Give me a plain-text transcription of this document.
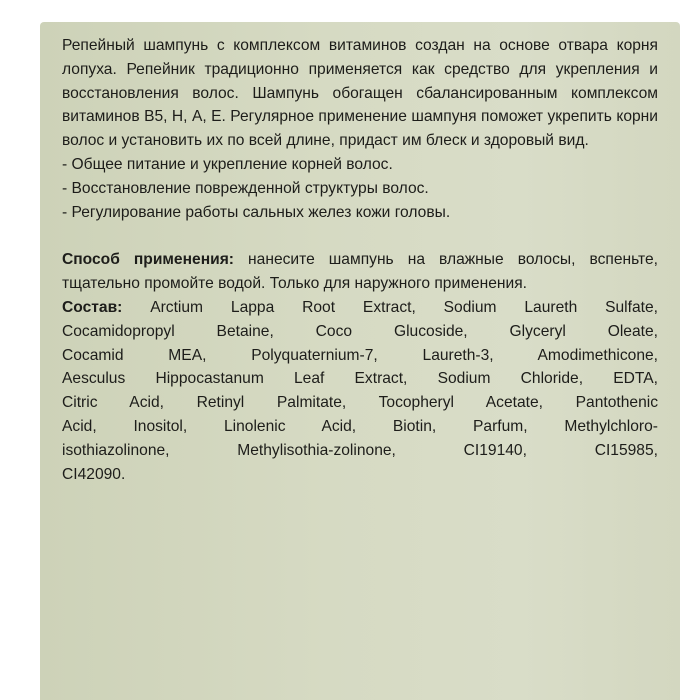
Репейный шампунь с комплексом витаминов создан на основе отвара корня лопуха. Репейник традиционно применяется как средство для укрепления и восстановления волос. Шампунь обогащен сбалансированным комплексом витаминов В5, Н, А, Е. Регулярное применение шампуня поможет укрепить корни волос и установить их по всей длине, придаст им блеск и здоровый вид.

- Общее питание и укрепление корней волос.

- Восстановление поврежденной структуры волос.

- Регулирование работы сальных желез кожи головы.

Способ применения: нанесите шампунь на влажные волосы, вспеньте, тщательно промойте водой. Только для наружного применения.

Состав: Arctium Lappa Root Extract, Sodium Laureth Sulfate,

Cocamidopropyl Betaine, Coco Glucoside, Glyceryl Oleate,

Cocamid MEA, Polyquaternium-7, Laureth-3, Amodimethicone,

Aesculus Hippocastanum Leaf Extract, Sodium Chloride, EDTA,

Citric Acid, Retinyl Palmitate, Tocopheryl Acetate, Pantothenic

Acid, Inositol, Linolenic Acid, Biotin, Parfum, Methylchloro-

isothiazolinone, Methylisothia-zolinone, CI19140, CI15985,

CI42090.
